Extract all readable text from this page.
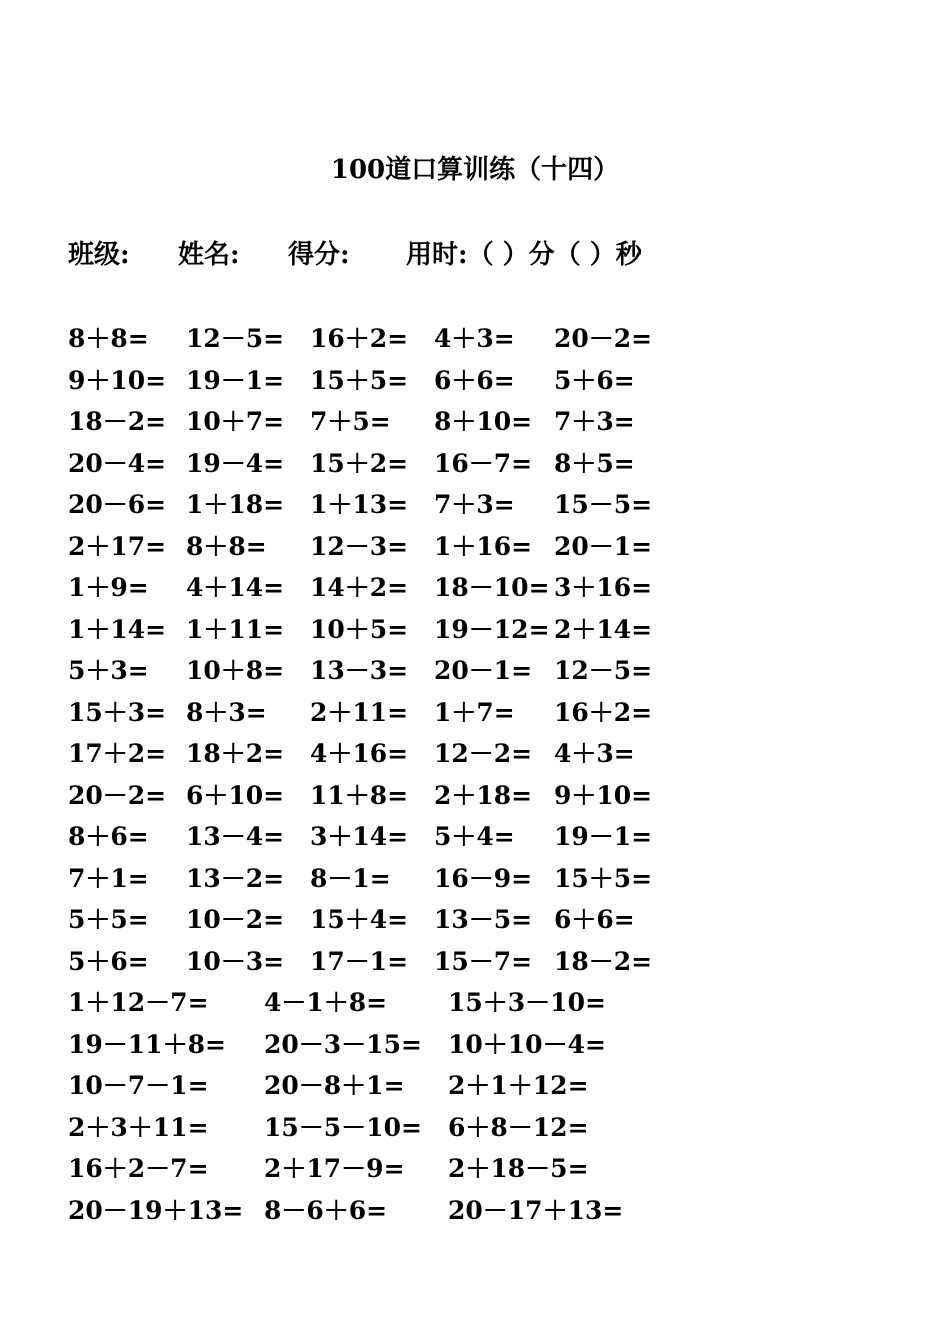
100道口算训练（十四）
班级: 姓名: 得分: 用时:（ ）分（ ）秒
8＋8= 12－5= 16＋2= 4＋3= 20－2=
9＋10= 19－1= 15＋5= 6＋6= 5＋6=
18－2= 10＋7= 7＋5= 8＋10= 7＋3=
20－4= 19－4= 15＋2= 16－7= 8＋5=
20－6= 1＋18= 1＋13= 7＋3= 15－5=
2＋17= 8＋8= 12－3= 1＋16= 20－1=
1＋9= 4＋14= 14＋2= 18－10= 3＋16=
1＋14= 1＋11= 10＋5= 19－12= 2＋14=
5＋3= 10＋8= 13－3= 20－1= 12－5=
15＋3= 8＋3= 2＋11= 1＋7= 16＋2=
17＋2= 18＋2= 4＋16= 12－2= 4＋3=
20－2= 6＋10= 11＋8= 2＋18= 9＋10=
8＋6= 13－4= 3＋14= 5＋4= 19－1=
7＋1= 13－2= 8－1= 16－9= 15＋5=
5＋5= 10－2= 15＋4= 13－5= 6＋6=
5＋6= 10－3= 17－1= 15－7= 18－2=
1＋12－7= 4－1＋8= 15＋3－10=
19－11＋8= 20－3－15= 10＋10－4=
10－7－1= 20－8＋1= 2＋1＋12=
2＋3＋11= 15－5－10= 6＋8－12=
16＋2－7= 2＋17－9= 2＋18－5=
20－19＋13= 8－6＋6= 20－17＋13=
